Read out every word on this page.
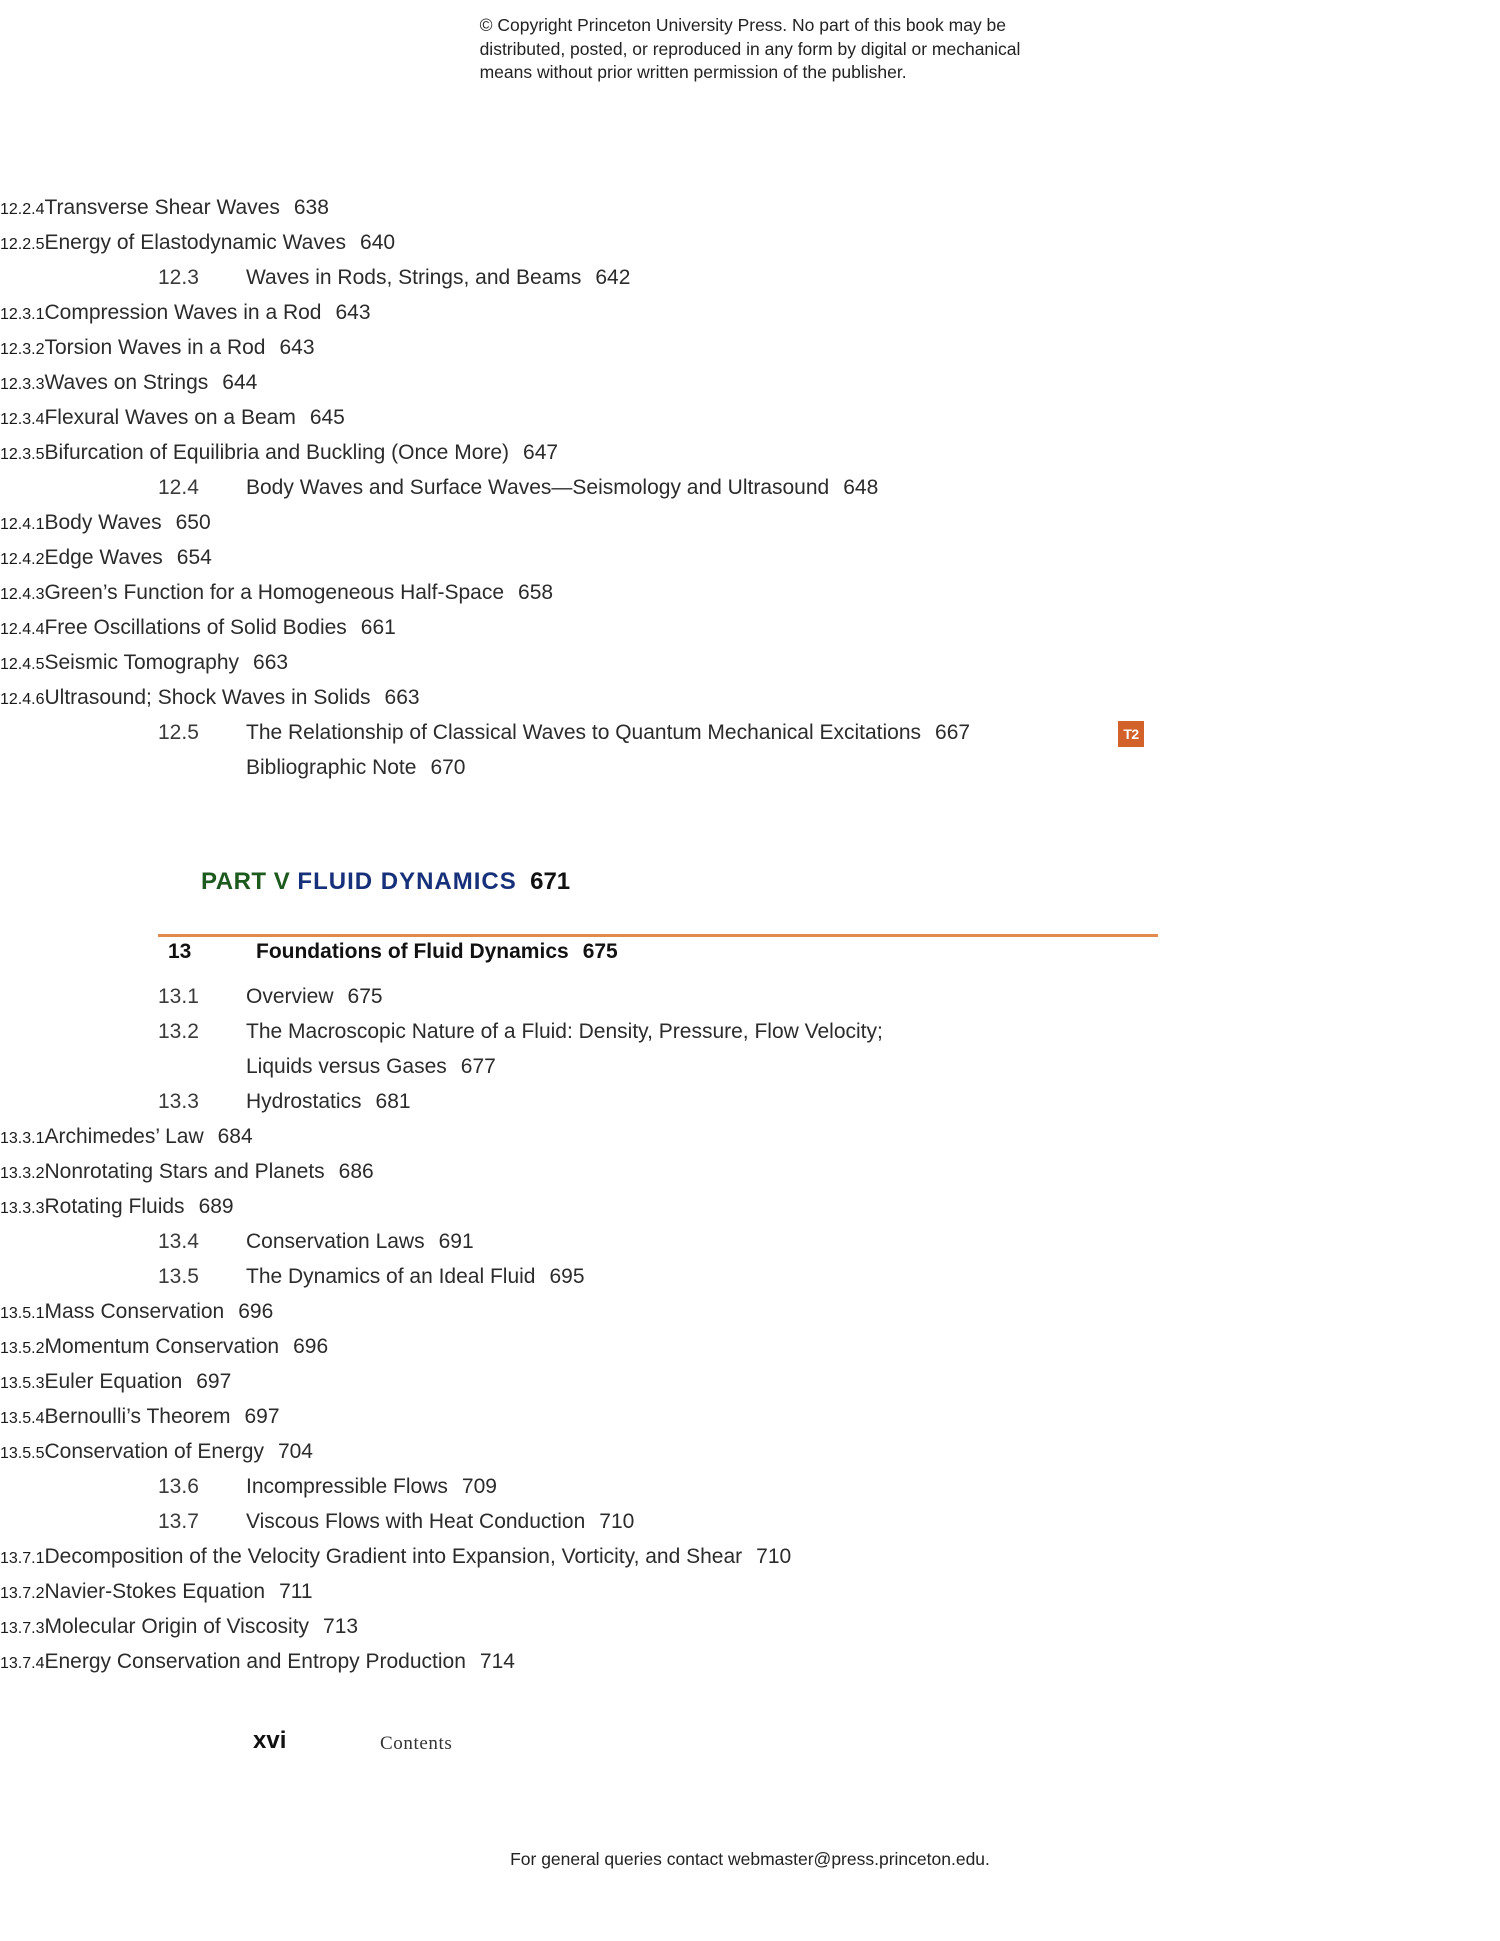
© Copyright Princeton University Press. No part of this book may be
distributed, posted, or reproduced in any form by digital or mechanical
means without prior written permission of the publisher.
12.2.4 Transverse Shear Waves 638
12.2.5 Energy of Elastodynamic Waves 640
12.3	Waves in Rods, Strings, and Beams 642
12.3.1 Compression Waves in a Rod 643
12.3.2 Torsion Waves in a Rod 643
12.3.3 Waves on Strings 644
12.3.4 Flexural Waves on a Beam 645
12.3.5 Bifurcation of Equilibria and Buckling (Once More) 647
12.4	Body Waves and Surface Waves—Seismology and Ultrasound 648
12.4.1 Body Waves 650
12.4.2 Edge Waves 654
12.4.3 Green’s Function for a Homogeneous Half-Space 658
12.4.4 Free Oscillations of Solid Bodies 661
12.4.5 Seismic Tomography 663
12.4.6 Ultrasound; Shock Waves in Solids 663
12.5	The Relationship of Classical Waves to Quantum Mechanical Excitations 667	T2
Bibliographic Note 670

PART V FLUID DYNAMICS 671

13	Foundations of Fluid Dynamics 675
13.1	Overview 675
13.2	The Macroscopic Nature of a Fluid: Density, Pressure, Flow Velocity;

Liquids versus Gases 677
13.3	Hydrostatics 681
13.3.1 Archimedes’ Law 684
13.3.2 Nonrotating Stars and Planets 686
13.3.3 Rotating Fluids 689
13.4	Conservation Laws 691
13.5	The Dynamics of an Ideal Fluid 695
13.5.1 Mass Conservation 696
13.5.2 Momentum Conservation 696
13.5.3 Euler Equation 697
13.5.4 Bernoulli’s Theorem 697
13.5.5 Conservation of Energy 704
13.6	Incompressible Flows 709
13.7	Viscous Flows with Heat Conduction 710
13.7.1 Decomposition of the Velocity Gradient into Expansion, Vorticity, and Shear 710
13.7.2 Navier-Stokes Equation 711
13.7.3 Molecular Origin of Viscosity 713
13.7.4 Energy Conservation and Entropy Production 714
xvi	Contents
For general queries contact webmaster@press.princeton.edu.
